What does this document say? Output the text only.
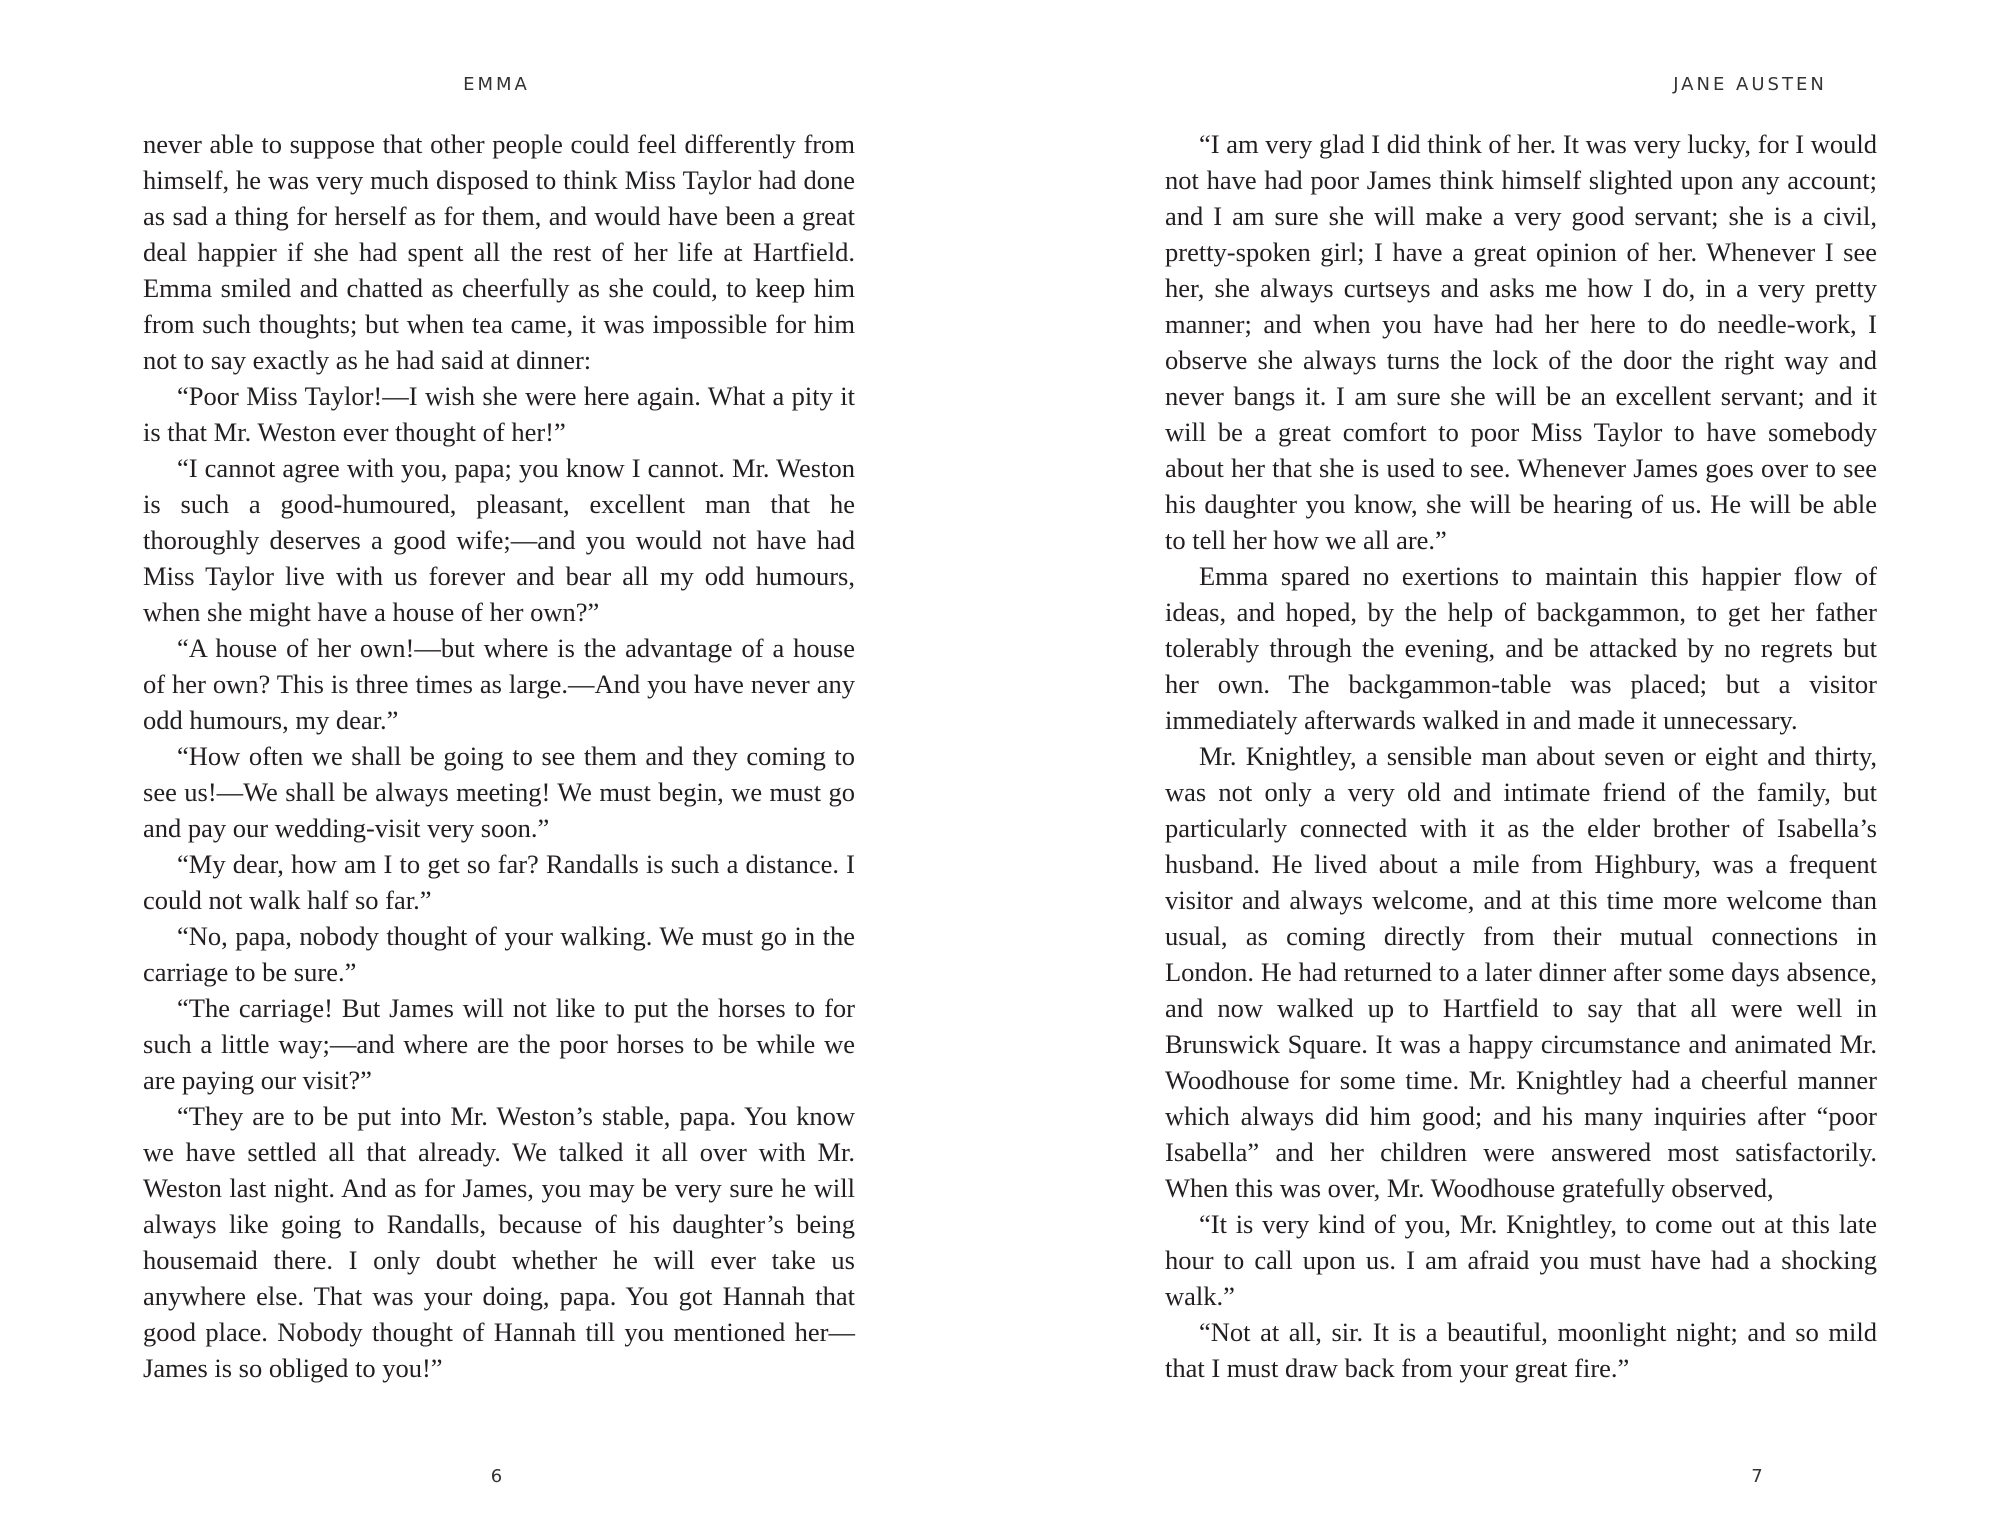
EMMA

never able to suppose that other people could feel differently from himself, he was very much disposed to think Miss Taylor had done as sad a thing for herself as for them, and would have been a great deal happier if she had spent all the rest of her life at Hartfield. Emma smiled and chatted as cheerfully as she could, to keep him from such thoughts; but when tea came, it was impossible for him not to say exactly as he had said at dinner:

“Poor Miss Taylor!—I wish she were here again. What a pity it is that Mr. Weston ever thought of her!”

“I cannot agree with you, papa; you know I cannot. Mr. Weston is such a good-humoured, pleasant, excellent man that he thoroughly deserves a good wife;—and you would not have had Miss Taylor live with us forever and bear all my odd humours, when she might have a house of her own?”

“A house of her own!—but where is the advantage of a house of her own? This is three times as large.—And you have never any odd humours, my dear.”

“How often we shall be going to see them and they coming to see us!—We shall be always meeting! We must begin, we must go and pay our wedding-visit very soon.”

“My dear, how am I to get so far? Randalls is such a distance. I could not walk half so far.”

“No, papa, nobody thought of your walking. We must go in the carriage to be sure.”

“The carriage! But James will not like to put the horses to for such a little way;—and where are the poor horses to be while we are paying our visit?”

“They are to be put into Mr. Weston’s stable, papa. You know we have settled all that already. We talked it all over with Mr. Weston last night. And as for James, you may be very sure he will always like going to Randalls, because of his daughter’s being housemaid there. I only doubt whether he will ever take us anywhere else. That was your doing, papa. You got Hannah that good place. Nobody thought of Hannah till you mentioned her—James is so obliged to you!”

6
JANE AUSTEN

“I am very glad I did think of her. It was very lucky, for I would not have had poor James think himself slighted upon any account; and I am sure she will make a very good servant; she is a civil, pretty-spoken girl; I have a great opinion of her. Whenever I see her, she always curtseys and asks me how I do, in a very pretty manner; and when you have had her here to do needle-work, I observe she always turns the lock of the door the right way and never bangs it. I am sure she will be an excellent servant; and it will be a great comfort to poor Miss Taylor to have somebody about her that she is used to see. Whenever James goes over to see his daughter you know, she will be hearing of us. He will be able to tell her how we all are.”

Emma spared no exertions to maintain this happier flow of ideas, and hoped, by the help of backgammon, to get her father tolerably through the evening, and be attacked by no regrets but her own. The backgammon-table was placed; but a visitor immediately afterwards walked in and made it unnecessary.

Mr. Knightley, a sensible man about seven or eight and thirty, was not only a very old and intimate friend of the family, but particularly connected with it as the elder brother of Isabella’s husband. He lived about a mile from Highbury, was a frequent visitor and always welcome, and at this time more welcome than usual, as coming directly from their mutual connections in London. He had returned to a later dinner after some days absence, and now walked up to Hartfield to say that all were well in Brunswick Square. It was a happy circumstance and animated Mr. Woodhouse for some time. Mr. Knightley had a cheerful manner which always did him good; and his many inquiries after “poor Isabella” and her children were answered most satisfactorily. When this was over, Mr. Woodhouse gratefully observed,

“It is very kind of you, Mr. Knightley, to come out at this late hour to call upon us. I am afraid you must have had a shocking walk.”

“Not at all, sir. It is a beautiful, moonlight night; and so mild that I must draw back from your great fire.”

7
